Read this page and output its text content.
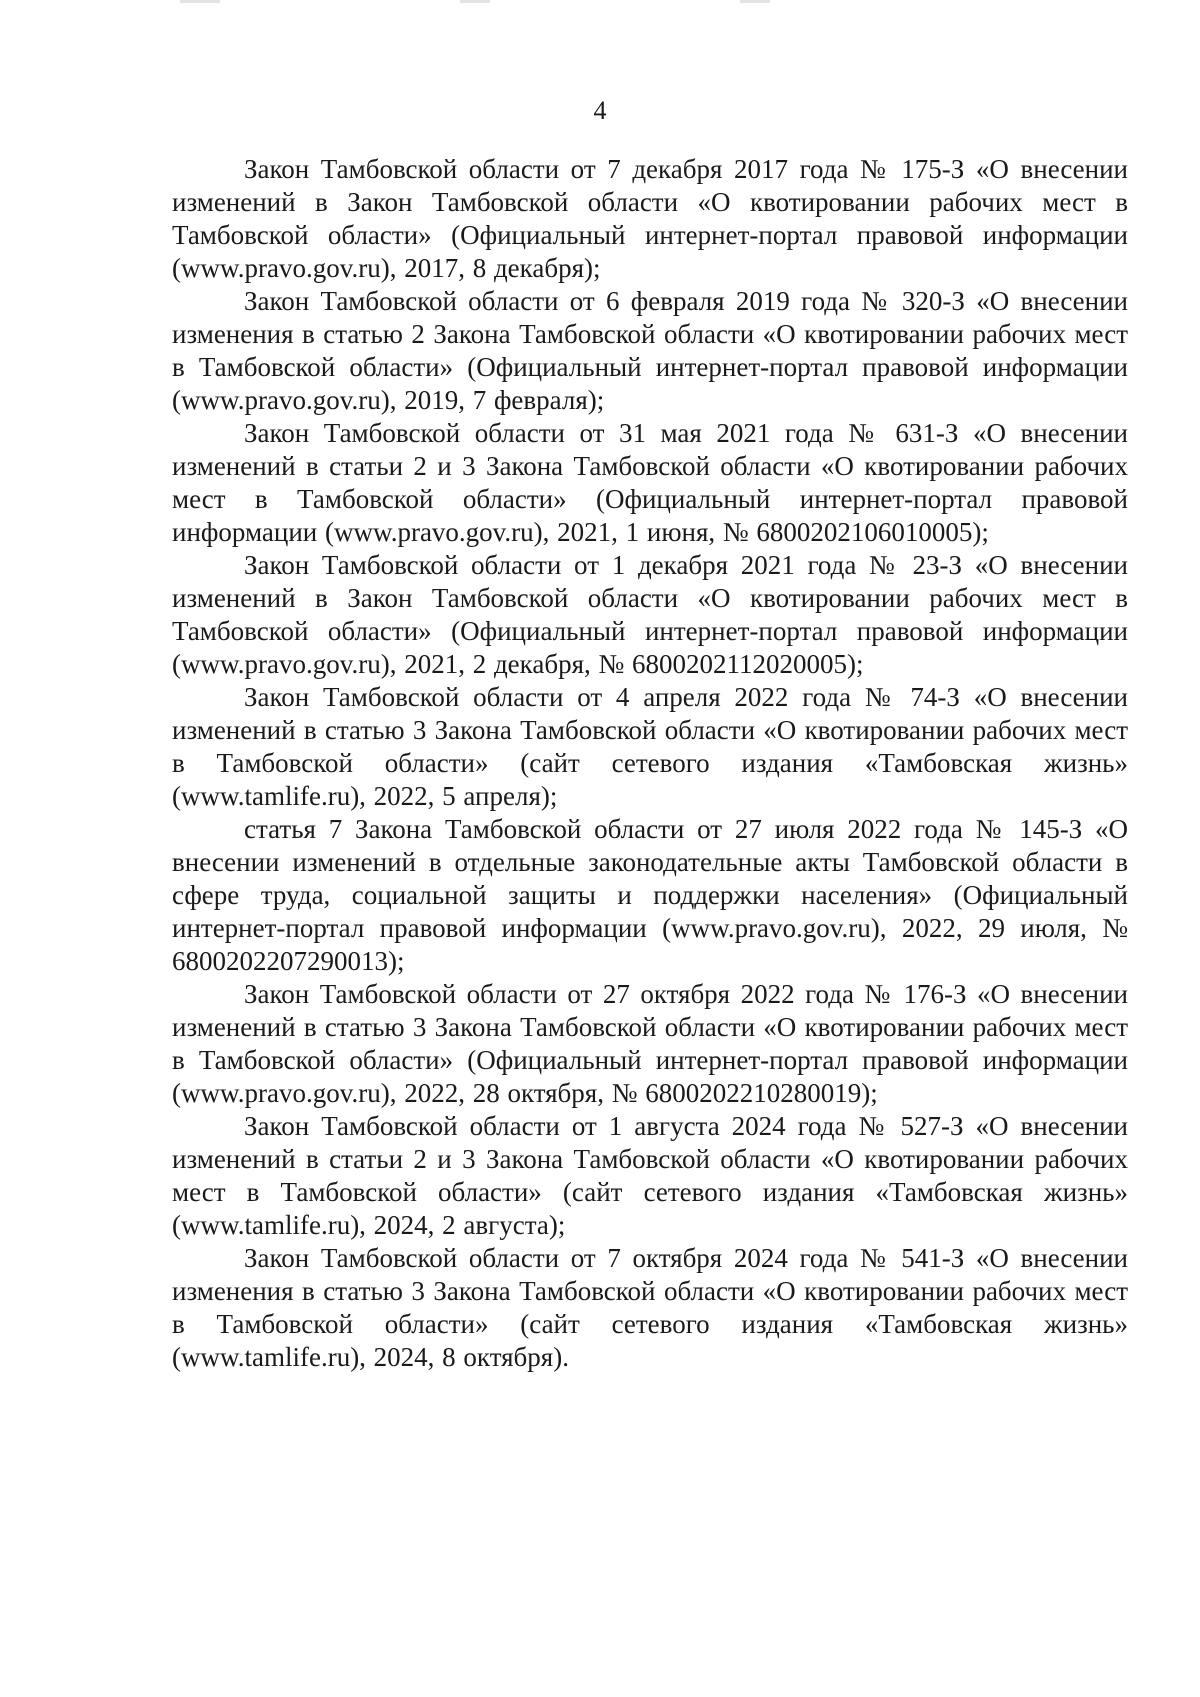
4

Закон Тамбовской области от 7 декабря 2017 года № 175-З «О внесении изменений в Закон Тамбовской области «О квотировании рабочих мест в Тамбовской области» (Официальный интернет-портал правовой информации (www.pravo.gov.ru), 2017, 8 декабря);

Закон Тамбовской области от 6 февраля 2019 года № 320-З «О внесении изменения в статью 2 Закона Тамбовской области «О квотировании рабочих мест в Тамбовской области» (Официальный интернет-портал правовой информации (www.pravo.gov.ru), 2019, 7 февраля);

Закон Тамбовской области от 31 мая 2021 года № 631-З «О внесении изменений в статьи 2 и 3 Закона Тамбовской области «О квотировании рабочих мест в Тамбовской области» (Официальный интернет-портал правовой информации (www.pravo.gov.ru), 2021, 1 июня, № 6800202106010005);

Закон Тамбовской области от 1 декабря 2021 года № 23-З «О внесении изменений в Закон Тамбовской области «О квотировании рабочих мест в Тамбовской области» (Официальный интернет-портал правовой информации (www.pravo.gov.ru), 2021, 2 декабря, № 6800202112020005);

Закон Тамбовской области от 4 апреля 2022 года № 74-З «О внесении изменений в статью 3 Закона Тамбовской области «О квотировании рабочих мест в Тамбовской области» (сайт сетевого издания «Тамбовская жизнь» (www.tamlife.ru), 2022, 5 апреля);

статья 7 Закона Тамбовской области от 27 июля 2022 года № 145-З «О внесении изменений в отдельные законодательные акты Тамбовской области в сфере труда, социальной защиты и поддержки населения» (Официальный интернет-портал правовой информации (www.pravo.gov.ru), 2022, 29 июля, № 6800202207290013);

Закон Тамбовской области от 27 октября 2022 года № 176-З «О внесении изменений в статью 3 Закона Тамбовской области «О квотировании рабочих мест в Тамбовской области» (Официальный интернет-портал правовой информации (www.pravo.gov.ru), 2022, 28 октября, № 6800202210280019);

Закон Тамбовской области от 1 августа 2024 года № 527-З «О внесении изменений в статьи 2 и 3 Закона Тамбовской области «О квотировании рабочих мест в Тамбовской области» (сайт сетевого издания «Тамбовская жизнь» (www.tamlife.ru), 2024, 2 августа);

Закон Тамбовской области от 7 октября 2024 года № 541-З «О внесении изменения в статью 3 Закона Тамбовской области «О квотировании рабочих мест в Тамбовской области» (сайт сетевого издания «Тамбовская жизнь» (www.tamlife.ru), 2024, 8 октября).
